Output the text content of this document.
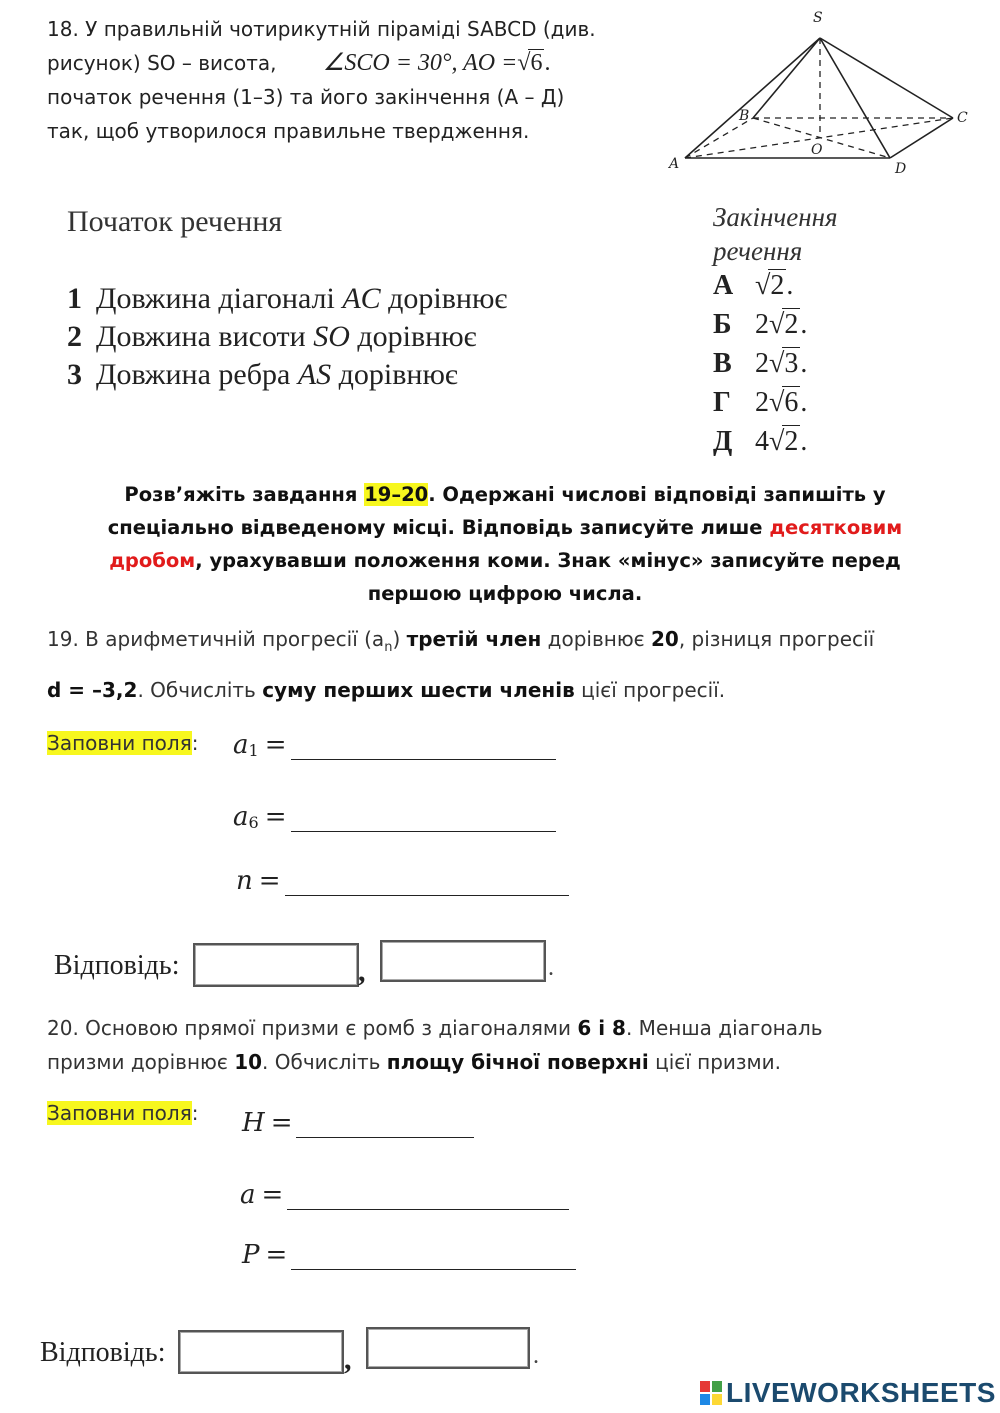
18. У правильній чотирикутній піраміді SABCD (див.
рисунок) SO – висота, ∠SCO = 30°, AO =√6.
початок речення (1–3) та його закінчення (А – Д)
так, щоб утворилося правильне твердження.
S
B	C
O
A	D
Початок речення
1 Довжина діагоналі AC дорівнює
2 Довжина висоти SO дорівнює
3 Довжина ребра AS дорівнює
Закінчення речення
А √2.
Б 2√2.
В 2√3.
Г 2√6.
Д 4√2.
Розв’яжіть завдання 19–20. Одержані числові відповіді запишіть у спеціально відведеному місці. Відповідь записуйте лише десятковим дробом, урахувавши положення коми. Знак «мінус» записуйте перед першою цифрою числа.
19. В арифметичній прогресії $(a_n)$ третій член дорівнює 20, різниця прогресії
d = –3,2. Обчисліть суму перших шести членів цієї прогресії.
Заповни поля: $a_1$ =
$a_6$ =
n =
Відповідь:	,	.
20. Основою прямої призми є ромб з діагоналями 6 і 8. Менша діагональ
призми дорівнює 10. Обчисліть площу бічної поверхні цієї призми.
Заповни поля: H =
a =
P =
Відповідь:	,	.
LIVEWORKSHEETS
